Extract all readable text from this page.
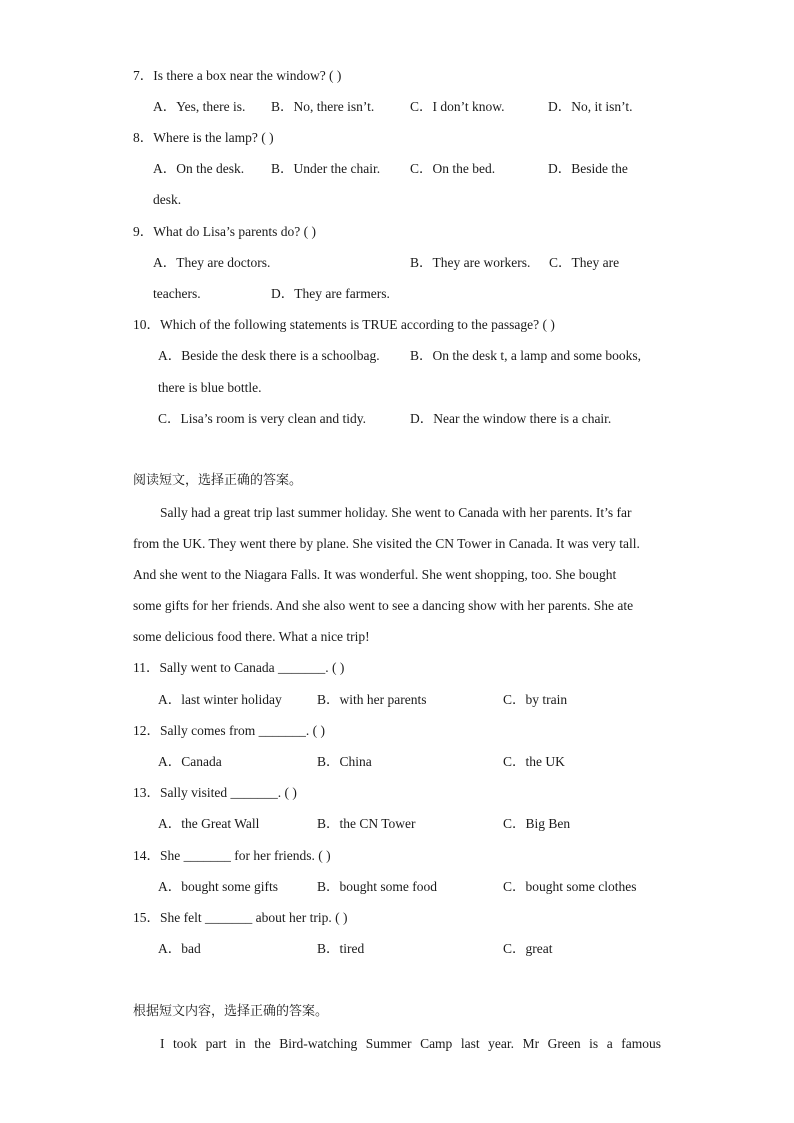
7．Is there a box near the window? ( )
A．Yes, there is. B．No, there isn’t.	C．I don’t know.	D．No, it isn’t.
8．Where is the lamp? ( )
A．On the desk. B．Under the chair. C．On the bed.	D．Beside the
desk.
9．What do Lisa’s parents do? ( )
A．They are doctors.	B．They are workers. C．They are
teachers.	D．They are farmers.
10．Which of the following statements is TRUE according to the passage? ( )
A．Beside the desk there is a schoolbag. B．On the desk t, a lamp and some books,
there is blue bottle.
C．Lisa’s room is very clean and tidy.	D．Near the window there is a chair.
阅读短文，选择正确的答案。
Sally had a great trip last summer holiday. She went to Canada with her parents. It’s far
from the UK. They went there by plane. She visited the CN Tower in Canada. It was very tall.
And she went to the Niagara Falls. It was wonderful. She went shopping, too. She bought
some gifts for her friends. And she also went to see a dancing show with her parents. She ate
some delicious food there. What a nice trip!
11．Sally went to Canada _______. ( )
A．last winter holiday	B．with her parents	C．by train
12．Sally comes from _______. ( )
A．Canada	B．China	C．the UK
13．Sally visited _______. ( )
A．the Great Wall	B．the CN Tower	C．Big Ben
14．She _______ for her friends. ( )
A．bought some gifts	B．bought some food	C．bought some clothes
15．She felt _______ about her trip. ( )
A．bad	B．tired	C．great
根据短文内容，选择正确的答案。
I took part in the Bird-watching Summer Camp last year. Mr Green is a famous
